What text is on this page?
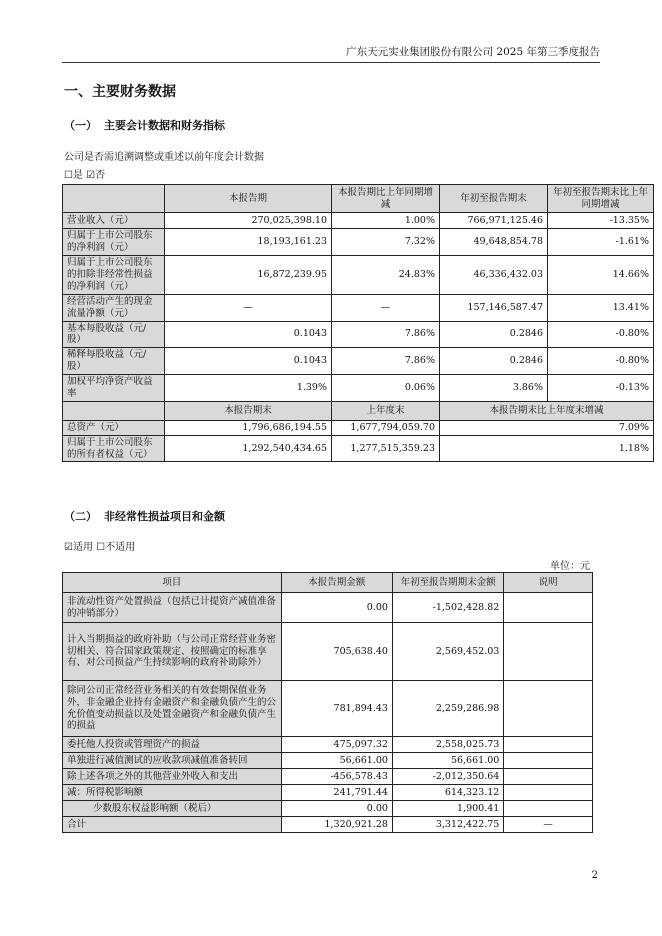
广东天元实业集团股份有限公司 2025 年第三季度报告
一、主要财务数据
（一） 主要会计数据和财务指标
公司是否需追溯调整或重述以前年度会计数据
☐是 ☑否
	本报告期	本报告期比上年同期增减	年初至报告期末	年初至报告期末比上年同期增减
营业收入（元）	270,025,398.10	1.00%	766,971,125.46	-13.35%
归属于上市公司股东的净利润（元）	18,193,161.23	7.32%	49,648,854.78	-1.61%
归属于上市公司股东的扣除非经常性损益的净利润（元）	16,872,239.95	24.83%	46,336,432.03	14.66%
经营活动产生的现金流量净额（元）	—	—	157,146,587.47	13.41%
基本每股收益（元/股）	0.1043	7.86%	0.2846	-0.80%
稀释每股收益（元/股）	0.1043	7.86%	0.2846	-0.80%
加权平均净资产收益率	1.39%	0.06%	3.86%	-0.13%
	本报告期末	上年度末	本报告期末比上年度末增减	
总资产（元）	1,796,686,194.55	1,677,794,059.70	7.09%	
归属于上市公司股东的所有者权益（元）	1,292,540,434.65	1,277,515,359.23	1.18%	
（二） 非经常性损益项目和金额
☑适用 ☐不适用
单位：元
项目	本报告期金额	年初至报告期期末金额	说明
非流动性资产处置损益（包括已计提资产减值准备的冲销部分）	0.00	-1,502,428.82	
计入当期损益的政府补助（与公司正常经营业务密切相关、符合国家政策规定、按照确定的标准享有、对公司损益产生持续影响的政府补助除外）	705,638.40	2,569,452.03	
除同公司正常经营业务相关的有效套期保值业务外，非金融企业持有金融资产和金融负债产生的公允价值变动损益以及处置金融资产和金融负债产生的损益	781,894.43	2,259,286.98	
委托他人投资或管理资产的损益	475,097.32	2,558,025.73	
单独进行减值测试的应收款项减值准备转回	56,661.00	56,661.00	
除上述各项之外的其他营业外收入和支出	-456,578.43	-2,012,350.64	
减：所得税影响额	241,791.44	614,323.12	
少数股东权益影响额（税后）	0.00	1,900.41	
合计	1,320,921.28	3,312,422.75	—
2
